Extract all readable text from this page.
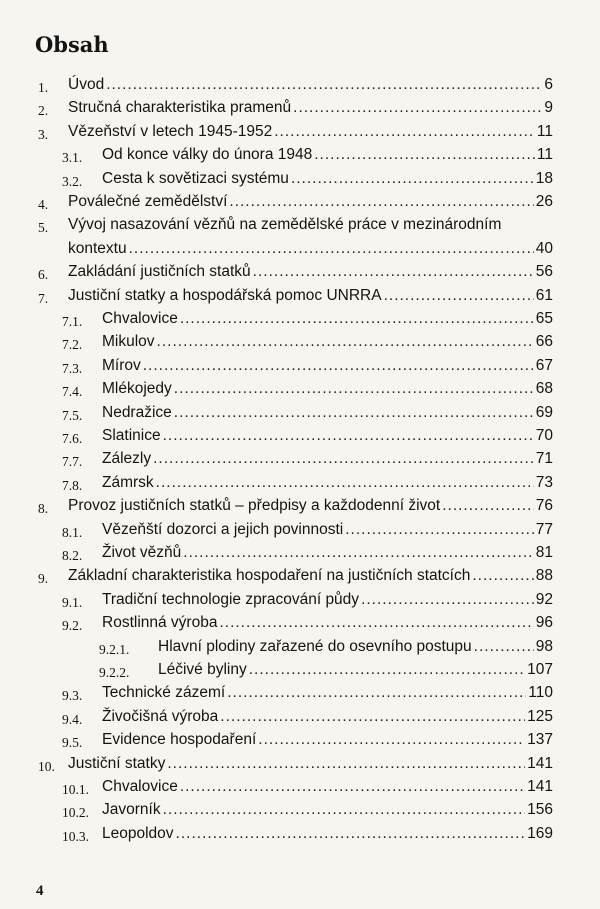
Obsah
1. Úvod .....	6
2. Stručná charakteristika pramenů .....	9
3. Vězeňství v letech 1945-1952 .....	11
3.1. Od konce války do února 1948 .....	11
3.2. Cesta k sovětizaci systému .....	18
4. Poválečné zemědělství .....	26
5. Vývoj nasazování vězňů na zemědělské práce v mezinárodním
kontextu .....	40
6. Zakládání justičních statků .....	56
7. Justiční statky a hospodářská pomoc UNRRA .....	61
7.1. Chvalovice .....	65
7.2. Mikulov .....	66
7.3. Mírov .....	67
7.4. Mlékojedy .....	68
7.5. Nedražice .....	69
7.6. Slatinice .....	70
7.7. Zálezly .....	71
7.8. Zámrsk .....	73
8. Provoz justičních statků – předpisy a každodenní život .....	76
8.1. Vězeňští dozorci a jejich povinnosti .....	77
8.2. Život vězňů .....	81
9. Základní charakteristika hospodaření na justičních statcích .....	88
9.1. Tradiční technologie zpracování půdy .....	92
9.2. Rostlinná výroba .....	96
9.2.1. Hlavní plodiny zařazené do osevního postupu .....	98
9.2.2. Léčivé byliny .....	107
9.3. Technické zázemí .....	110
9.4. Živočišná výroba .....	125
9.5. Evidence hospodaření .....	137
10. Justiční statky .....	141
10.1. Chvalovice .....	141
10.2. Javorník .....	156
10.3. Leopoldov .....	169
4
